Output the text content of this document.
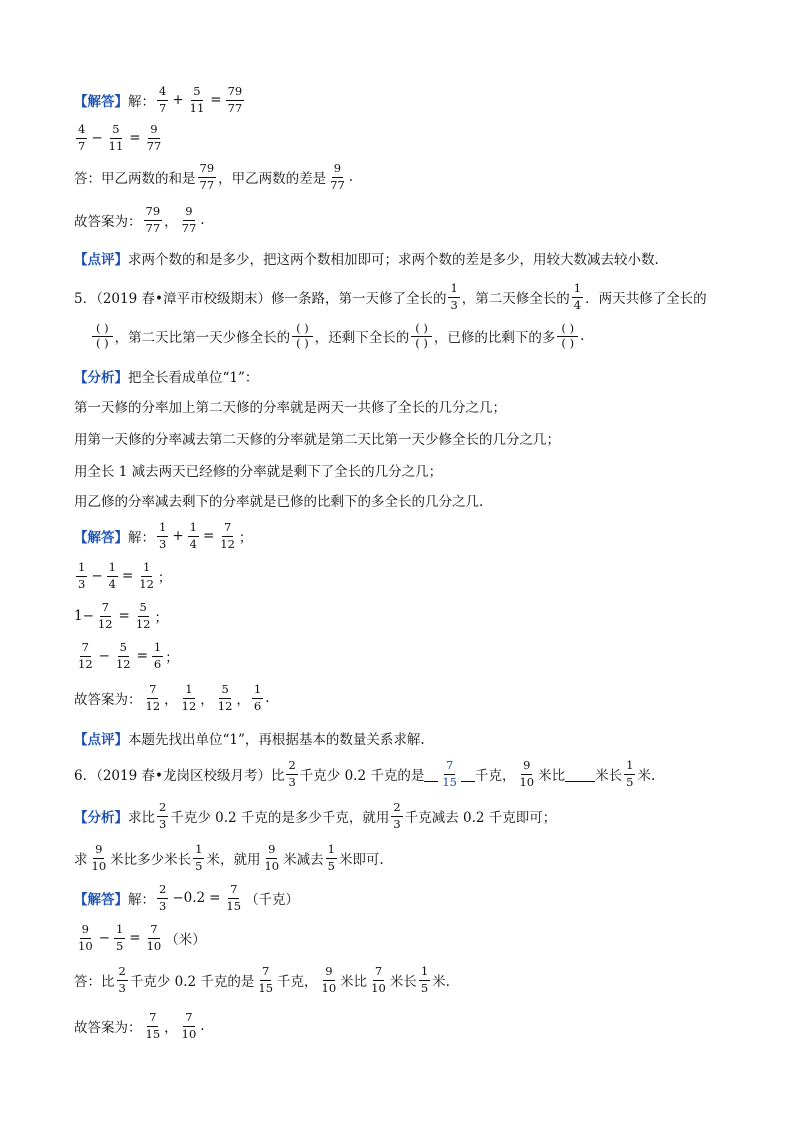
【解答】 解： $\frac{4}{7} + \frac{5}{11} = \frac{79}{77}$
$\frac{4}{7} - \frac{5}{11} = \frac{9}{77}$
答：甲乙两数的和是 $\frac{79}{77}$ ，甲乙两数的差是 $\frac{9}{77}$ .
故答案为： $\frac{79}{77}$ ， $\frac{9}{77}$ .
【点评】 求两个数的和是多少，把这两个数相加即可；求两个数的差是多少，用较大数减去较小数.
5．（2019 春•漳平市校级期末）修一条路，第一天修了全长的 $\frac{1}{3}$ ，第二天修全长的 $\frac{1}{4}$ ．两天共修了全长的
$\frac{( )}{( )}$ ，第二天比第一天少修全长的 $\frac{( )}{( )}$ ，还剩下全长的 $\frac{( )}{( )}$ ，已修的比剩下的多 $\frac{( )}{( )}$ .
【分析】 把全长看成单位“1”：
第一天修的分率加上第二天修的分率就是两天一共修了全长的几分之几；
用第一天修的分率减去第二天修的分率就是第二天比第一天少修全长的几分之几；
用全长 1 减去两天已经修的分率就是剩下了全长的几分之几；
用乙修的分率减去剩下的分率就是已修的比剩下的多全长的几分之几.
【解答】 解： $\frac{1}{3} + \frac{1}{4} = \frac{7}{12}$ ；
$\frac{1}{3} - \frac{1}{4} = \frac{1}{12}$ ；
$1- \frac{7}{12} = \frac{5}{12}$ ；
$\frac{7}{12} - \frac{5}{12} = \frac{1}{6}$ ；
故答案为： $\frac{7}{12}$ ， $\frac{1}{12}$ ， $\frac{5}{12}$ ， $\frac{1}{6}$ .
【点评】 本题先找出单位“1”，再根据基本的数量关系求解.
6．（2019 春•龙岗区校级月考）比 $\frac{2}{3}$ 千克少 0.2 千克的是 $\frac{7}{15}$ 千克， $\frac{9}{10}$ 米比 米长 $\frac{1}{5}$ 米.
【分析】 求比 $\frac{2}{3}$ 千克少 0.2 千克的是多少千克，就用 $\frac{2}{3}$ 千克减去 0.2 千克即可；
求 $\frac{9}{10}$ 米比多少米长 $\frac{1}{5}$ 米，就用 $\frac{9}{10}$ 米减去 $\frac{1}{5}$ 米即可.
【解答】 解： $\frac{2}{3} -0.2 = \frac{7}{15}$ （千克）
$\frac{9}{10} - \frac{1}{5} = \frac{7}{10}$ （米）
答：比 $\frac{2}{3}$ 千克少 0.2 千克的是 $\frac{7}{15}$ 千克， $\frac{9}{10}$ 米比 $\frac{7}{10}$ 米长 $\frac{1}{5}$ 米.
故答案为： $\frac{7}{15}$ ， $\frac{7}{10}$ .
